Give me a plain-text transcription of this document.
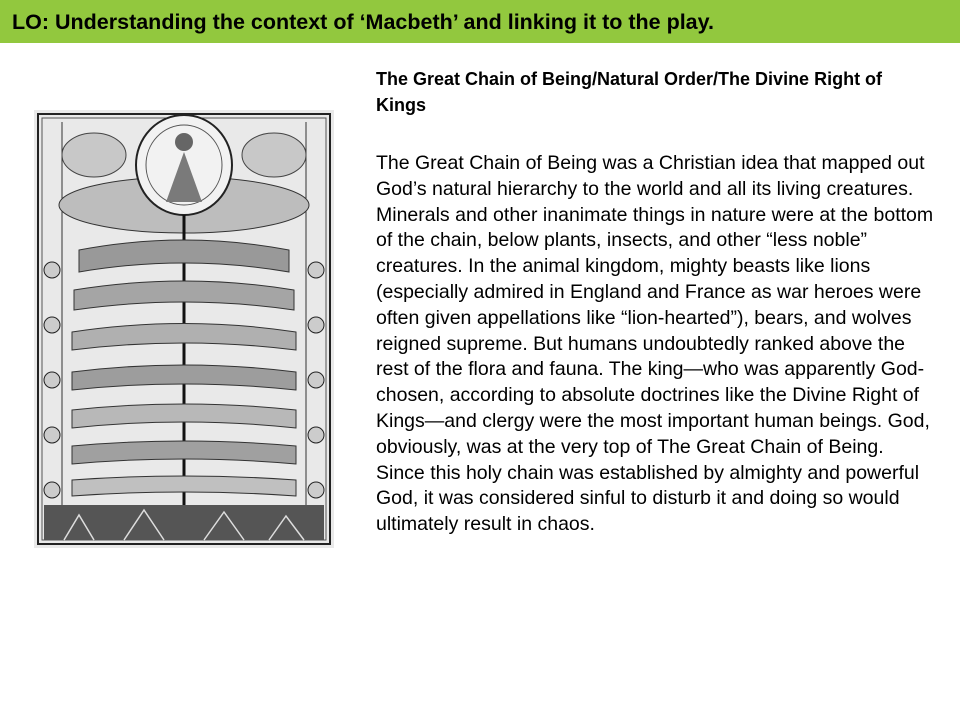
LO: Understanding the context of ‘Macbeth’ and linking it to the play.
The Great Chain of Being/Natural Order/The Divine Right of Kings
The Great Chain of Being was a Christian idea that mapped out God’s natural hierarchy to the world and all its living creatures. Minerals and other inanimate things in nature were at the bottom of the chain, below plants, insects, and other “less noble” creatures. In the animal kingdom, mighty beasts like lions (especially admired in England and France as war heroes were often given appellations like “lion-hearted”), bears, and wolves reigned supreme. But humans undoubtedly ranked above the rest of the flora and fauna. The king—who was apparently God-chosen, according to absolute doctrines like the Divine Right of Kings—and clergy were the most important human beings. God, obviously, was at the very top of The Great Chain of Being. Since this holy chain was established by almighty and powerful God, it was considered sinful to disturb it and doing so would ultimately result in chaos.
